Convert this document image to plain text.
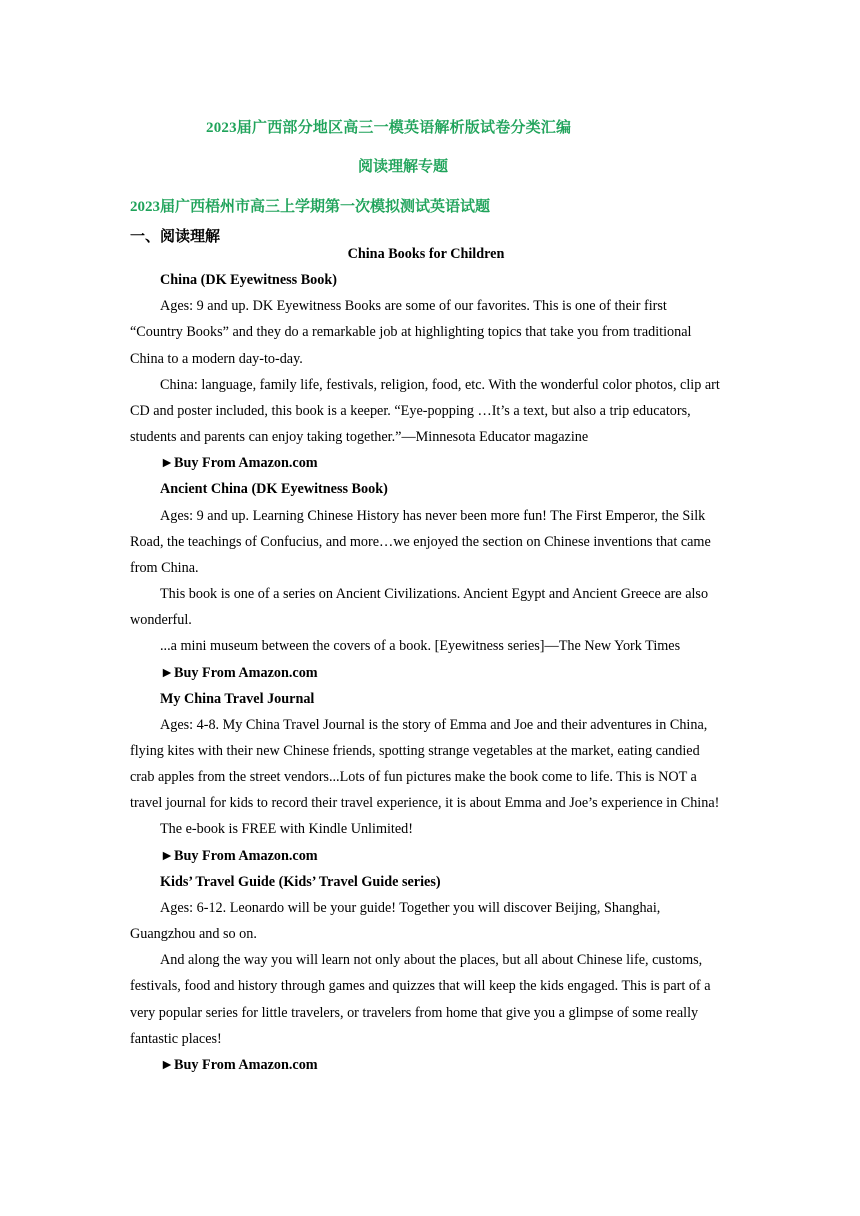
2023届广西部分地区高三一模英语解析版试卷分类汇编
阅读理解专题
2023届广西梧州市高三上学期第一次模拟测试英语试题
一、阅读理解

China Books for Children

China (DK Eyewitness Book)

Ages: 9 and up. DK Eyewitness Books are some of our favorites. This is one of their first “Country Books” and they do a remarkable job at highlighting topics that take you from traditional China to a modern day-to-day.

China: language, family life, festivals, religion, food, etc. With the wonderful color photos, clip art CD and poster included, this book is a keeper. “Eye-popping …It’s a text, but also a trip educators, students and parents can enjoy taking together.”—Minnesota Educator magazine

►Buy From Amazon.com

Ancient China (DK Eyewitness Book)

Ages: 9 and up. Learning Chinese History has never been more fun! The First Emperor, the Silk Road, the teachings of Confucius, and more…we enjoyed the section on Chinese inventions that came from China.

This book is one of a series on Ancient Civilizations. Ancient Egypt and Ancient Greece are also wonderful.

...a mini museum between the covers of a book. [Eyewitness series]—The New York Times

►Buy From Amazon.com

My China Travel Journal

Ages: 4-8. My China Travel Journal is the story of Emma and Joe and their adventures in China, flying kites with their new Chinese friends, spotting strange vegetables at the market, eating candied crab apples from the street vendors...Lots of fun pictures make the book come to life. This is NOT a travel journal for kids to record their travel experience, it is about Emma and Joe’s experience in China!

The e-book is FREE with Kindle Unlimited!

►Buy From Amazon.com

Kids’ Travel Guide (Kids’ Travel Guide series)

Ages: 6-12. Leonardo will be your guide! Together you will discover Beijing, Shanghai, Guangzhou and so on.

And along the way you will learn not only about the places, but all about Chinese life, customs, festivals, food and history through games and quizzes that will keep the kids engaged. This is part of a very popular series for little travelers, or travelers from home that give you a glimpse of some really fantastic places!

►Buy From Amazon.com
